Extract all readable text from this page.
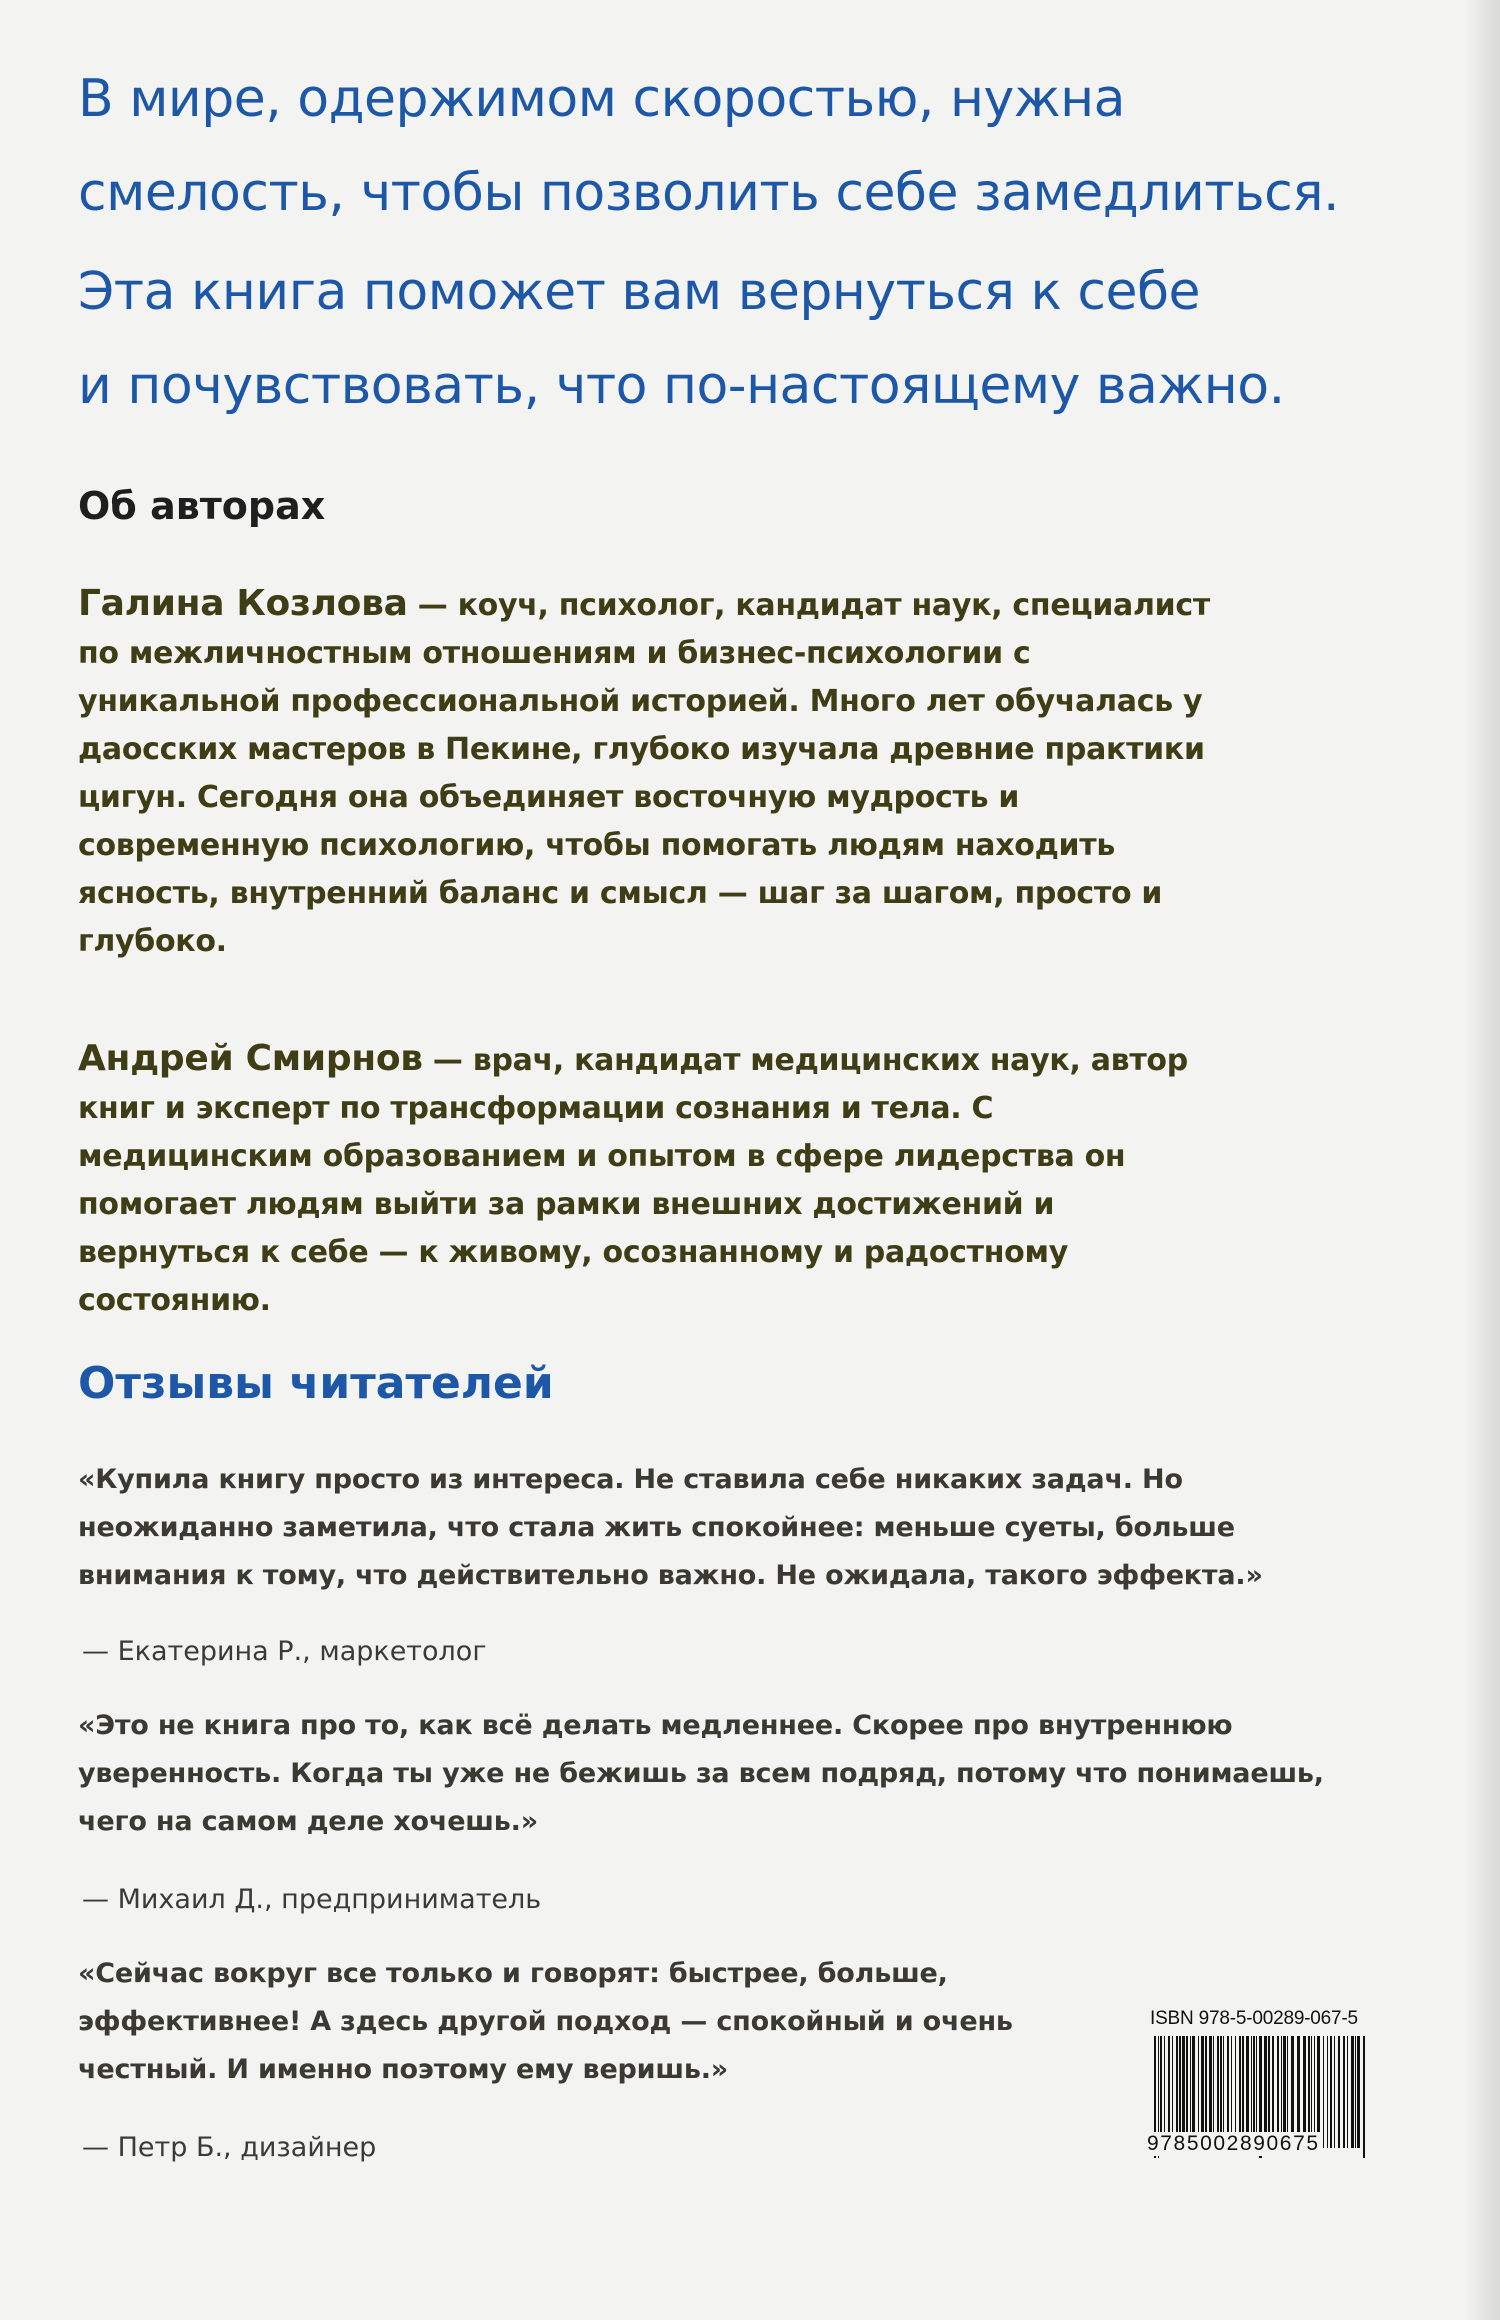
В мире, одержимом скоростью, нужна
смелость, чтобы позволить себе замедлиться.

Эта книга поможет вам вернуться к себе
и почувствовать, что по-настоящему важно.

Об авторах

Галина Козлова — коуч, психолог, кандидат наук, специалист
по межличностным отношениям и бизнес-психологии с
уникальной профессиональной историей. Много лет обучалась у
даосских мастеров в Пекине, глубоко изучала древние практики
цигун. Сегодня она объединяет восточную мудрость и
современную психологию, чтобы помогать людям находить
ясность, внутренний баланс и смысл — шаг за шагом, просто и
глубоко.

Андрей Смирнов — врач, кандидат медицинских наук, автор
книг и эксперт по трансформации сознания и тела. С
медицинским образованием и опытом в сфере лидерства он
помогает людям выйти за рамки внешних достижений и
вернуться к себе — к живому, осознанному и радостному
состоянию.

Отзывы читателей

«Купила книгу просто из интереса. Не ставила себе никаких задач. Но
неожиданно заметила, что стала жить спокойнее: меньше суеты, больше
внимания к тому, что действительно важно. Не ожидала, такого эффекта.»

— Екатерина Р., маркетолог

«Это не книга про то, как всё делать медленнее. Скорее про внутреннюю
уверенность. Когда ты уже не бежишь за всем подряд, потому что понимаешь,
чего на самом деле хочешь.»

— Михаил Д., предприниматель

«Сейчас вокруг все только и говорят: быстрее, больше,
эффективнее! А здесь другой подход — спокойный и очень
честный. И именно поэтому ему веришь.»

— Петр Б., дизайнер

ISBN 978-5-00289-067-5
9785002890675
